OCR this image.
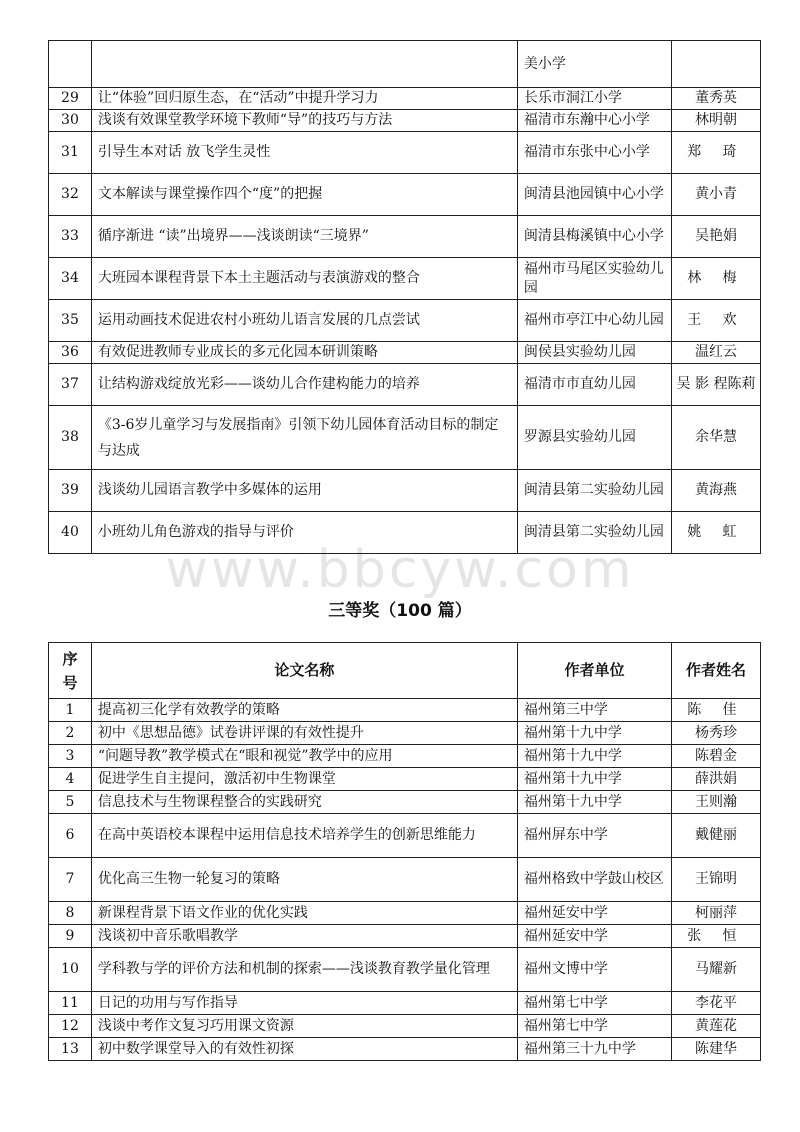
www.bbcyw.com
		美小学	
29	让“体验”回归原生态，在“活动”中提升学习力	长乐市洞江小学	董秀英
30	浅谈有效课堂教学环境下教师“导”的技巧与方法	福清市东瀚中心小学	林明朝
31	引导生本对话 放飞学生灵性	福清市东张中心小学	郑 琦
32	文本解读与课堂操作四个“度”的把握	闽清县池园镇中心小学	黄小青
33	循序渐进 “读”出境界——浅谈朗读“三境界”	闽清县梅溪镇中心小学	吴艳娟
34	大班园本课程背景下本土主题活动与表演游戏的整合	福州市马尾区实验幼儿园	林 梅
35	运用动画技术促进农村小班幼儿语言发展的几点尝试	福州市亭江中心幼儿园	王 欢
36	有效促进教师专业成长的多元化园本研训策略	闽侯县实验幼儿园	温红云
37	让结构游戏绽放光彩——谈幼儿合作建构能力的培养	福清市市直幼儿园	吴 影 程陈莉
38	《3-6岁儿童学习与发展指南》引领下幼儿园体育活动目标的制定与达成	罗源县实验幼儿园	余华慧
39	浅谈幼儿园语言教学中多媒体的运用	闽清县第二实验幼儿园	黄海燕
40	小班幼儿角色游戏的指导与评价	闽清县第二实验幼儿园	姚 虹
三等奖（100 篇）
序号	论文名称	作者单位	作者姓名
1	提高初三化学有效教学的策略	福州第三中学	陈 佳
2	初中《思想品德》试卷讲评课的有效性提升	福州第十九中学	杨秀珍
3	“问题导教”教学模式在“眼和视觉”教学中的应用	福州第十九中学	陈碧金
4	促进学生自主提问，激活初中生物课堂	福州第十九中学	薛洪娟
5	信息技术与生物课程整合的实践研究	福州第十九中学	王则瀚
6	在高中英语校本课程中运用信息技术培养学生的创新思维能力	福州屏东中学	戴健丽
7	优化高三生物一轮复习的策略	福州格致中学鼓山校区	王锦明
8	新课程背景下语文作业的优化实践	福州延安中学	柯丽萍
9	浅谈初中音乐歌唱教学	福州延安中学	张 恒
10	学科教与学的评价方法和机制的探索——浅谈教育教学量化管理	福州文博中学	马耀新
11	日记的功用与写作指导	福州第七中学	李花平
12	浅谈中考作文复习巧用课文资源	福州第七中学	黄莲花
13	初中数学课堂导入的有效性初探	福州第三十九中学	陈建华
